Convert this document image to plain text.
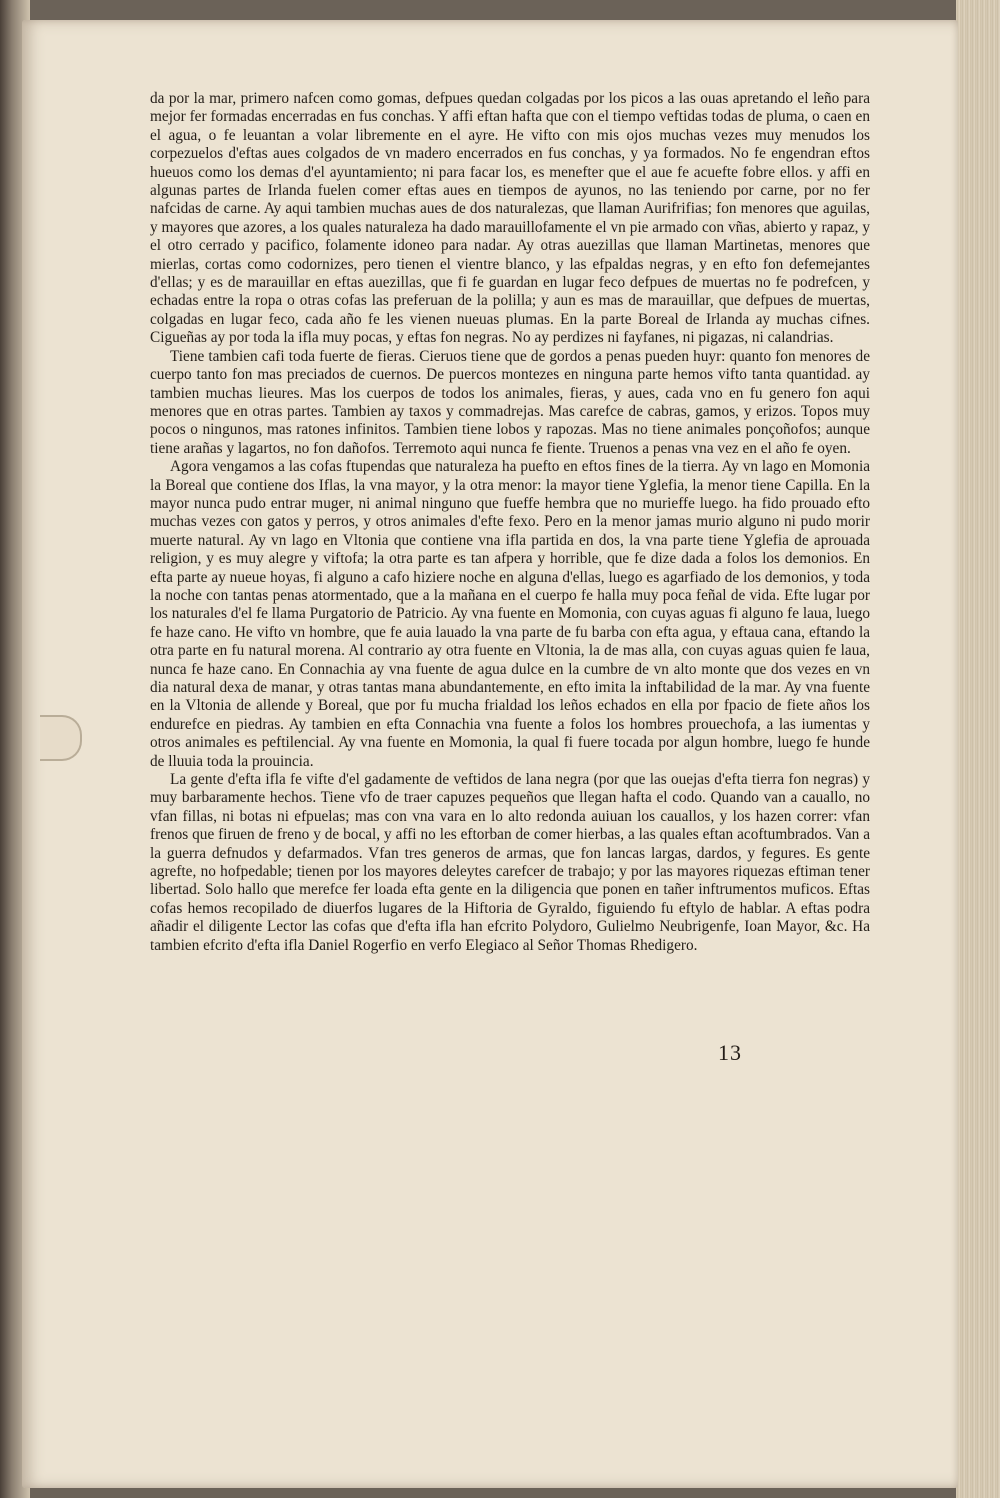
da por la mar, primero nafcen como gomas, defpues quedan colgadas por los picos a las ouas apretando el leño para mejor fer formadas encerradas en fus conchas. Y affi eftan hafta que con el tiempo veftidas todas de pluma, o caen en el agua, o fe leuantan a volar libremente en el ayre. He vifto con mis ojos muchas vezes muy menudos los corpezuelos d'eftas aues colgados de vn madero encerrados en fus conchas, y ya formados. No fe engendran eftos hueuos como los demas d'el ayuntamiento; ni para facar los, es menefter que el aue fe acuefte fobre ellos. y affi en algunas partes de Irlanda fuelen comer eftas aues en tiempos de ayunos, no las teniendo por carne, por no fer nafcidas de carne. Ay aqui tambien muchas aues de dos naturalezas, que llaman Aurifrifias; fon menores que aguilas, y mayores que azores, a los quales naturaleza ha dado marauillofamente el vn pie armado con vñas, abierto y rapaz, y el otro cerrado y pacifico, folamente idoneo para nadar. Ay otras auezillas que llaman Martinetas, menores que mierlas, cortas como codornizes, pero tienen el vientre blanco, y las efpaldas negras, y en efto fon defemejantes d'ellas; y es de marauillar en eftas auezillas, que fi fe guardan en lugar feco defpues de muertas no fe podrefcen, y echadas entre la ropa o otras cofas las preferuan de la polilla; y aun es mas de marauillar, que defpues de muertas, colgadas en lugar feco, cada año fe les vienen nueuas plumas. En la parte Boreal de Irlanda ay muchas cifnes. Cigueñas ay por toda la ifla muy pocas, y eftas fon negras. No ay perdizes ni fayfanes, ni pigazas, ni calandrias.

Tiene tambien cafi toda fuerte de fieras. Cieruos tiene que de gordos a penas pueden huyr: quanto fon menores de cuerpo tanto fon mas preciados de cuernos. De puercos montezes en ninguna parte hemos vifto tanta quantidad. ay tambien muchas lieures. Mas los cuerpos de todos los animales, fieras, y aues, cada vno en fu genero fon aqui menores que en otras partes. Tambien ay taxos y commadrejas. Mas carefce de cabras, gamos, y erizos. Topos muy pocos o ningunos, mas ratones infinitos. Tambien tiene lobos y rapozas. Mas no tiene animales ponçoñofos; aunque tiene arañas y lagartos, no fon dañofos. Terremoto aqui nunca fe fiente. Truenos a penas vna vez en el año fe oyen.

Agora vengamos a las cofas ftupendas que naturaleza ha puefto en eftos fines de la tierra. Ay vn lago en Momonia la Boreal que contiene dos Iflas, la vna mayor, y la otra menor: la mayor tiene Yglefia, la menor tiene Capilla. En la mayor nunca pudo entrar muger, ni animal ninguno que fueffe hembra que no murieffe luego. ha fido prouado efto muchas vezes con gatos y perros, y otros animales d'efte fexo. Pero en la menor jamas murio alguno ni pudo morir muerte natural. Ay vn lago en Vltonia que contiene vna ifla partida en dos, la vna parte tiene Yglefia de aprouada religion, y es muy alegre y viftofa; la otra parte es tan afpera y horrible, que fe dize dada a folos los demonios. En efta parte ay nueue hoyas, fi alguno a cafo hiziere noche en alguna d'ellas, luego es agarfiado de los demonios, y toda la noche con tantas penas atormentado, que a la mañana en el cuerpo fe halla muy poca feñal de vida. Efte lugar por los naturales d'el fe llama Purgatorio de Patricio. Ay vna fuente en Momonia, con cuyas aguas fi alguno fe laua, luego fe haze cano. He vifto vn hombre, que fe auia lauado la vna parte de fu barba con efta agua, y eftaua cana, eftando la otra parte en fu natural morena. Al contrario ay otra fuente en Vltonia, la de mas alla, con cuyas aguas quien fe laua, nunca fe haze cano. En Connachia ay vna fuente de agua dulce en la cumbre de vn alto monte que dos vezes en vn dia natural dexa de manar, y otras tantas mana abundantemente, en efto imita la inftabilidad de la mar. Ay vna fuente en la Vltonia de allende y Boreal, que por fu mucha frialdad los leños echados en ella por fpacio de fiete años los endurefce en piedras. Ay tambien en efta Connachia vna fuente a folos los hombres prouechofa, a las iumentas y otros animales es peftilencial. Ay vna fuente en Momonia, la qual fi fuere tocada por algun hombre, luego fe hunde de lluuia toda la prouincia.

La gente d'efta ifla fe vifte d'el gadamente de veftidos de lana negra (por que las ouejas d'efta tierra fon negras) y muy barbaramente hechos. Tiene vfo de traer capuzes pequeños que llegan hafta el codo. Quando van a cauallo, no vfan fillas, ni botas ni efpuelas; mas con vna vara en lo alto redonda auiuan los cauallos, y los hazen correr: vfan frenos que firuen de freno y de bocal, y affi no les eftorban de comer hierbas, a las quales eftan acoftumbrados. Van a la guerra defnudos y defarmados. Vfan tres generos de armas, que fon lancas largas, dardos, y fegures. Es gente agrefte, no hofpedable; tienen por los mayores deleytes carefcer de trabajo; y por las mayores riquezas eftiman tener libertad. Solo hallo que merefce fer loada efta gente en la diligencia que ponen en tañer inftrumentos muficos. Eftas cofas hemos recopilado de diuerfos lugares de la Hiftoria de Gyraldo, figuiendo fu eftylo de hablar. A eftas podra añadir el diligente Lector las cofas que d'efta ifla han efcrito Polydoro, Gulielmo Neubrigenfe, Ioan Mayor, &c. Ha tambien efcrito d'efta ifla Daniel Rogerfio en verfo Elegiaco al Señor Thomas Rhedigero.

13
